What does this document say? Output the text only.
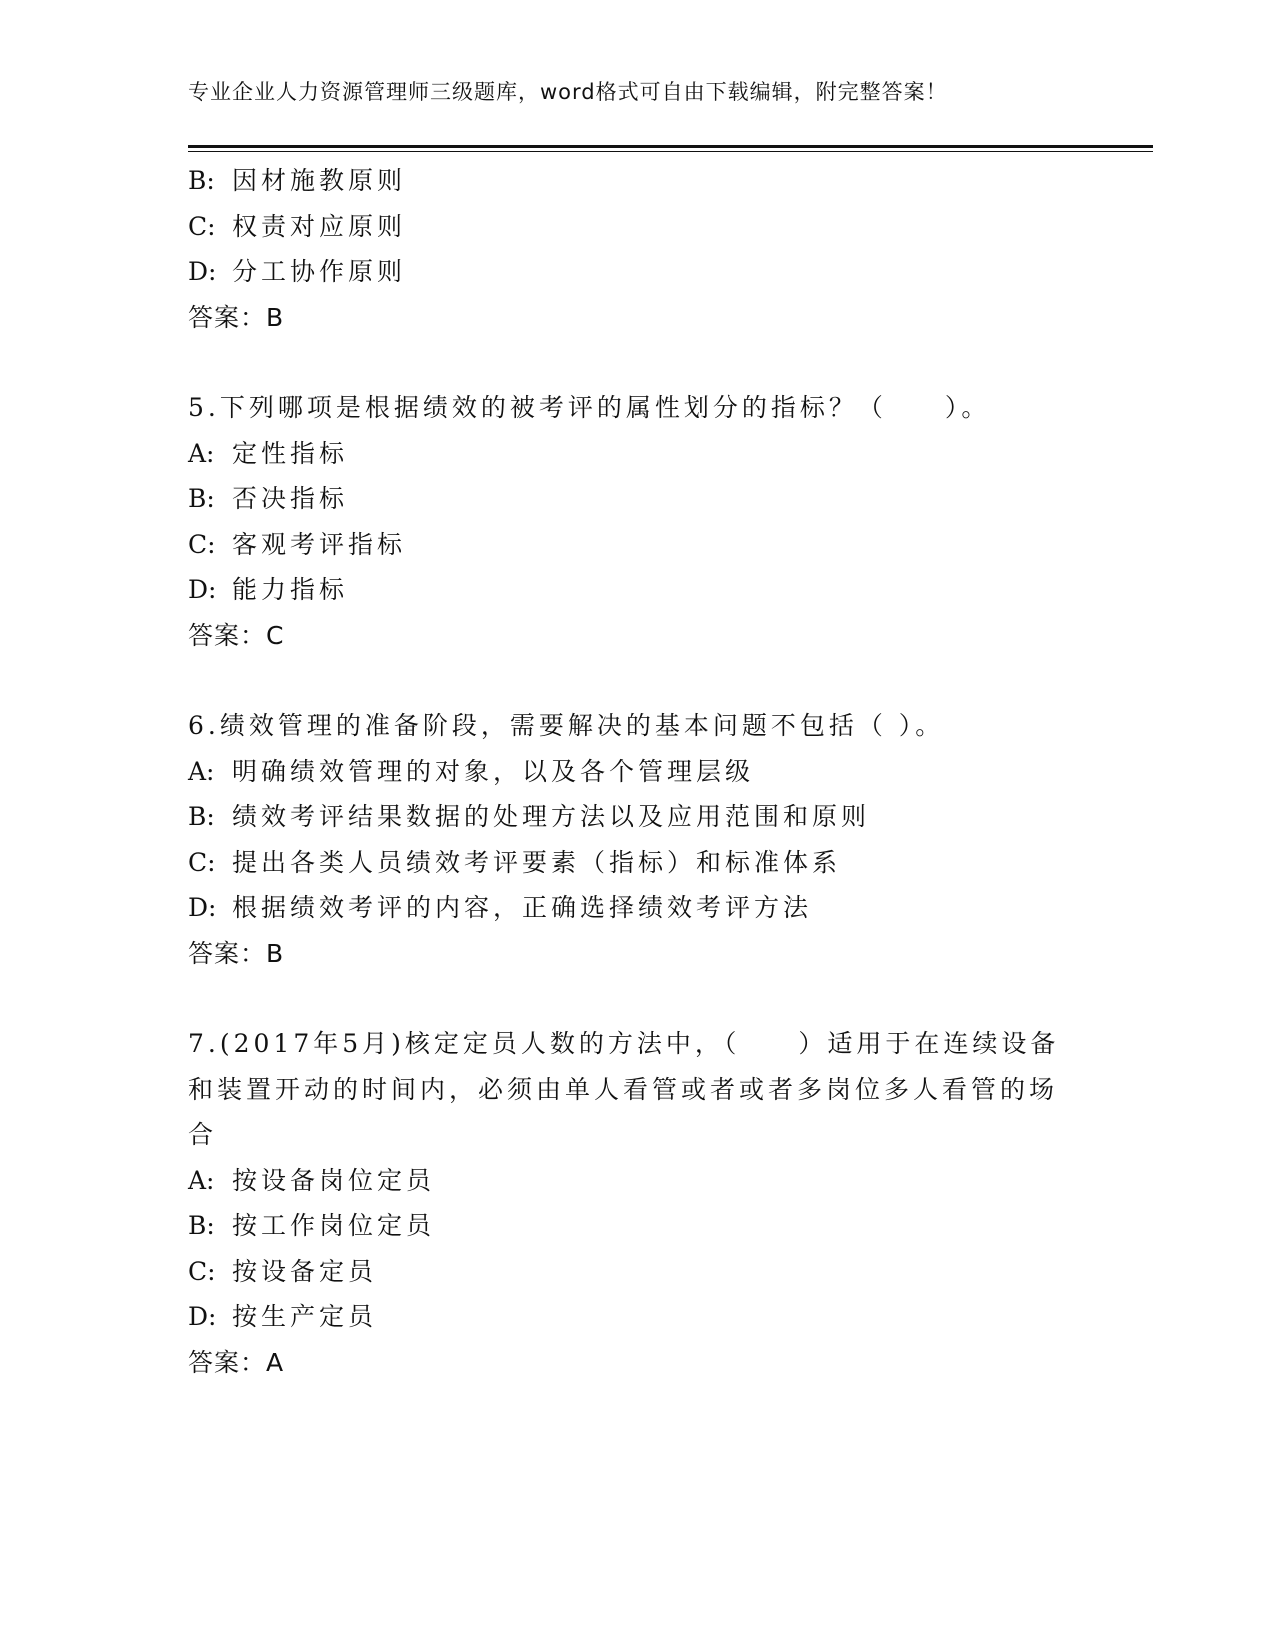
专业企业人力资源管理师三级题库，word格式可自由下载编辑，附完整答案！
B: 因材施教原则
C: 权责对应原则
D: 分工协作原则
答案：B
5.下列哪项是根据绩效的被考评的属性划分的指标？（　　）。
A: 定性指标
B: 否决指标
C: 客观考评指标
D: 能力指标
答案：C
6.绩效管理的准备阶段，需要解决的基本问题不包括（ ）。
A: 明确绩效管理的对象，以及各个管理层级
B: 绩效考评结果数据的处理方法以及应用范围和原则
C: 提出各类人员绩效考评要素（指标）和标准体系
D: 根据绩效考评的内容，正确选择绩效考评方法
答案：B
7.(2017年5月)核定定员人数的方法中，（　　）适用于在连续设备和装置开动的时间内，必须由单人看管或者或者多岗位多人看管的场合
A: 按设备岗位定员
B: 按工作岗位定员
C: 按设备定员
D: 按生产定员
答案：A
